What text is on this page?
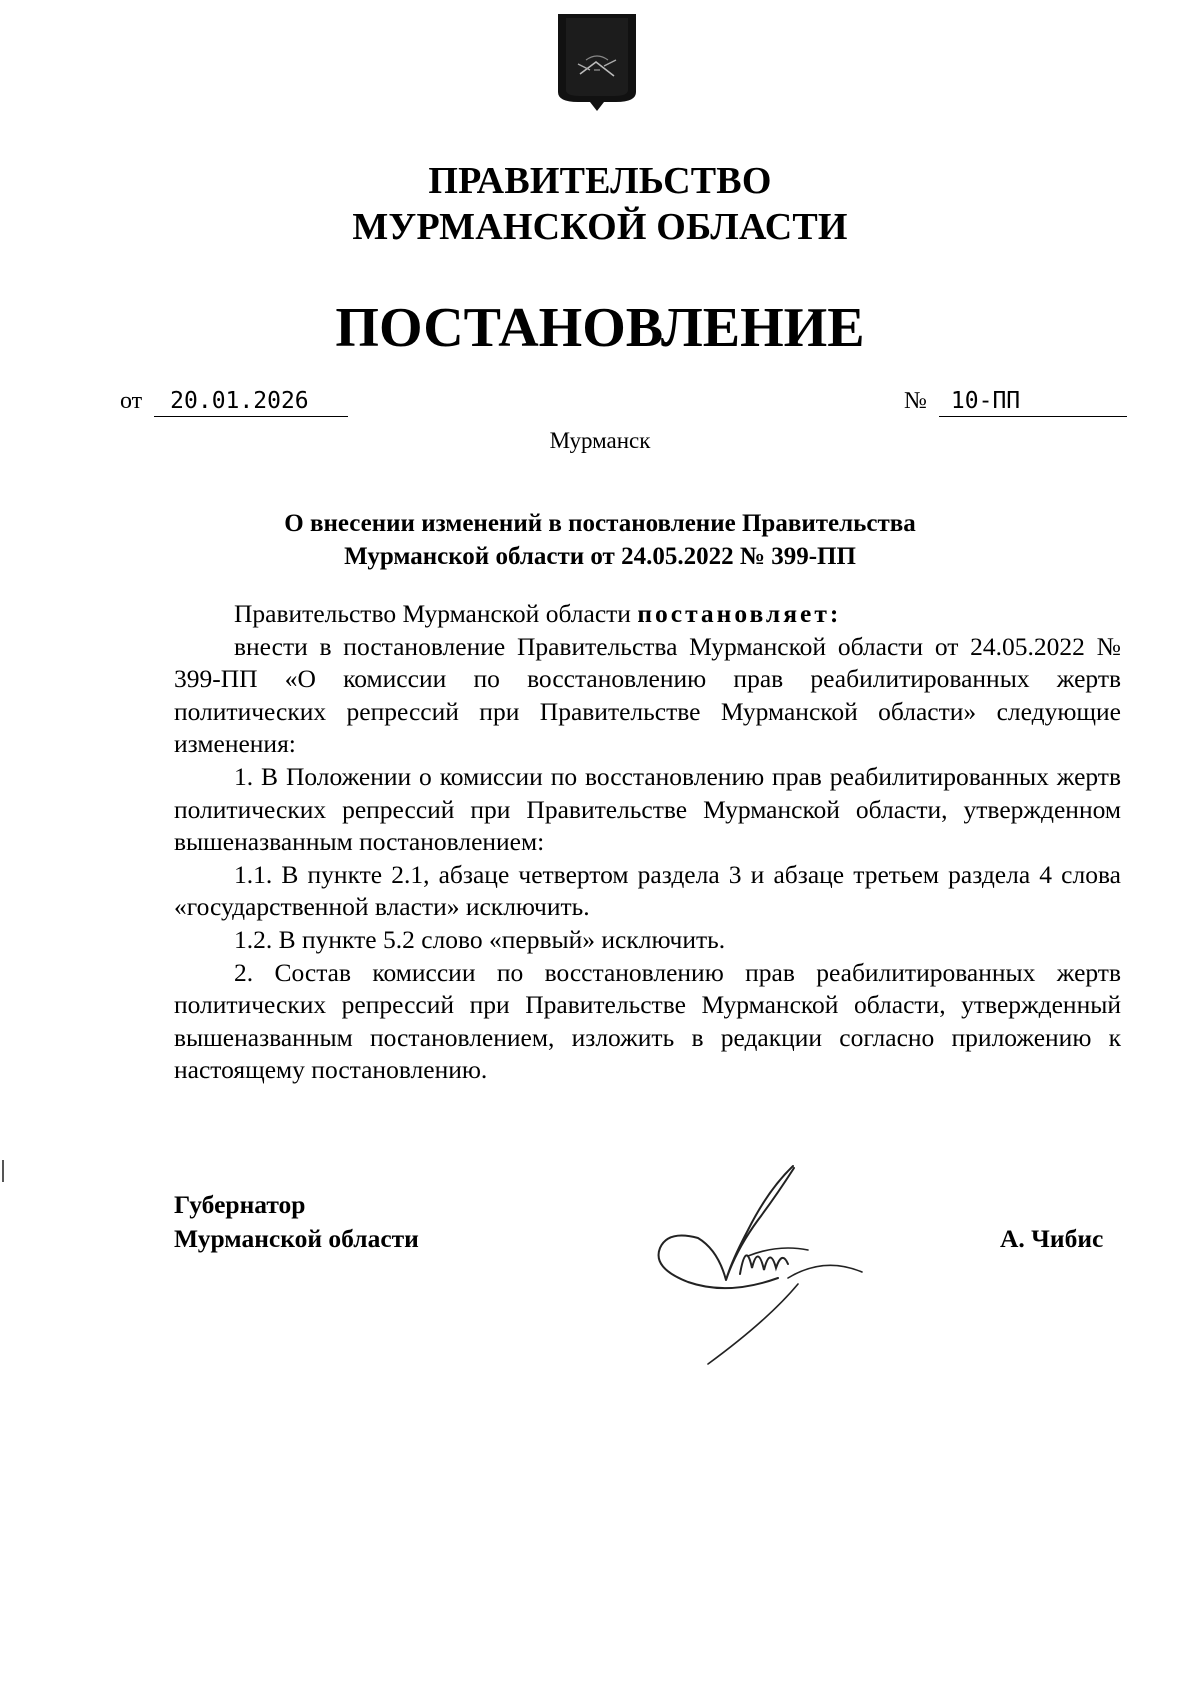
ПРАВИТЕЛЬСТВО
МУРМАНСКОЙ ОБЛАСТИ
ПОСТАНОВЛЕНИЕ
от 20.01.2026	№ 10-ПП
Мурманск
О внесении изменений в постановление Правительства
Мурманской области от 24.05.2022 № 399-ПП

Правительство Мурманской области постановляет:

внести в постановление Правительства Мурманской области от 24.05.2022 № 399-ПП «О комиссии по восстановлению прав реабилитированных жертв политических репрессий при Правительстве Мурманской области» следующие изменения:

1. В Положении о комиссии по восстановлению прав реабилитированных жертв политических репрессий при Правительстве Мурманской области, утвержденном вышеназванным постановлением:

1.1. В пункте 2.1, абзаце четвертом раздела 3 и абзаце третьем раздела 4 слова «государственной власти» исключить.

1.2. В пункте 5.2 слово «первый» исключить.

2. Состав комиссии по восстановлению прав реабилитированных жертв политических репрессий при Правительстве Мурманской области, утвержденный вышеназванным постановлением, изложить в редакции согласно приложению к настоящему постановлению.

Губернатор
Мурманской области	А. Чибис
